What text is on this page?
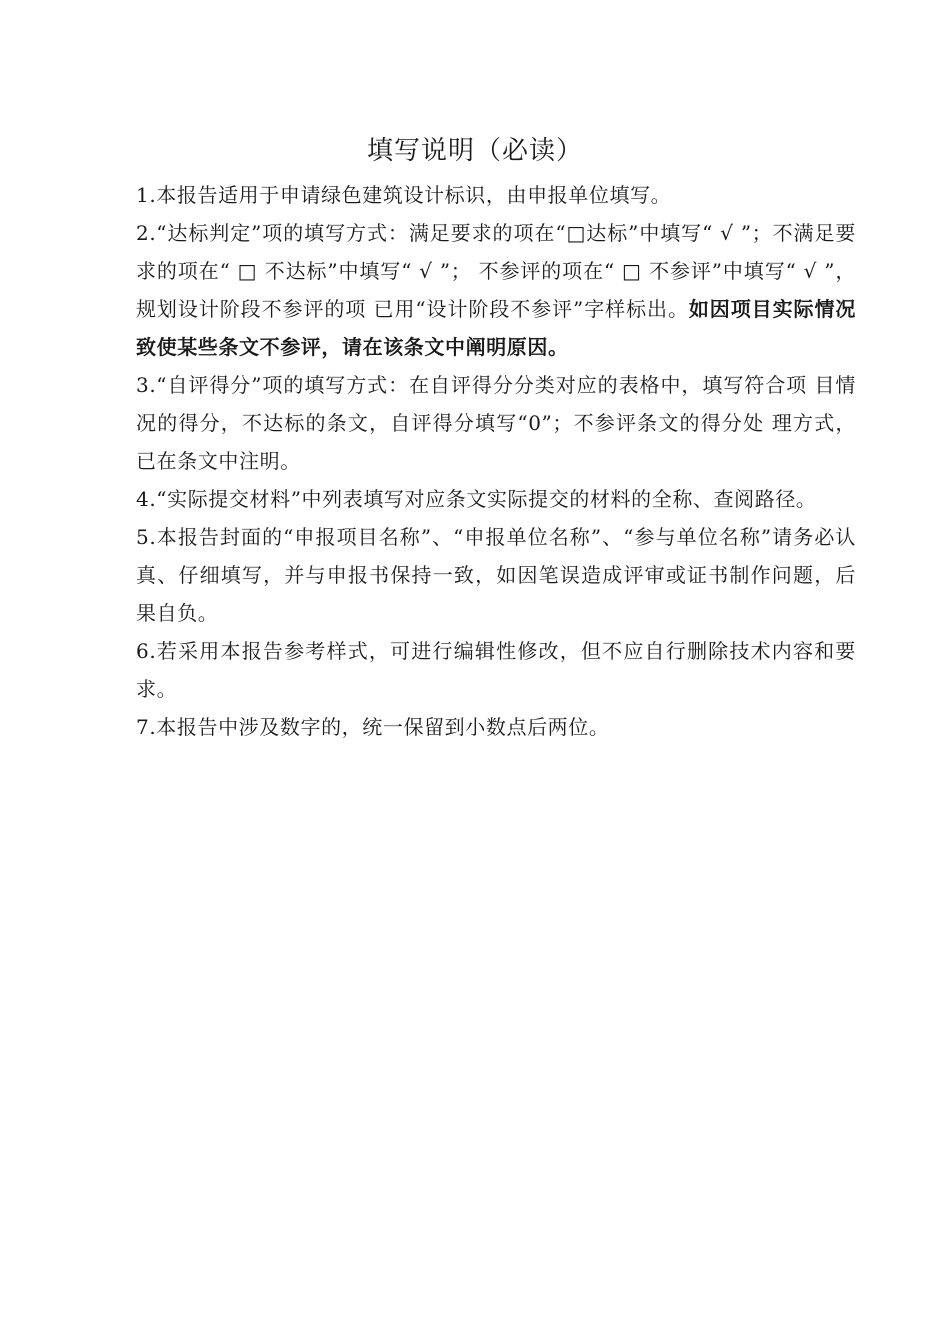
填写说明（必读）

1.本报告适用于申请绿色建筑设计标识，由申报单位填写。

2.“达标判定”项的填写方式：满足要求的项在“□达标”中填写“ √ ”；不满足要求的项在“ □ 不达标”中填写“ √ ”； 不参评的项在“ □ 不参评”中填写“ √ ”， 规划设计阶段不参评的项 已用“设计阶段不参评”字样标出。如因项目实际情况致使某些条文不参评，请在该条文中阐明原因。

3.“自评得分”项的填写方式：在自评得分分类对应的表格中，填写符合项 目情况的得分，不达标的条文，自评得分填写“0”；不参评条文的得分处 理方式，已在条文中注明。

4.“实际提交材料”中列表填写对应条文实际提交的材料的全称、查阅路径。

5.本报告封面的“申报项目名称”、“申报单位名称”、“参与单位名称”请务必认真、仔细填写，并与申报书保持一致，如因笔误造成评审或证书制作问题，后果自负。

6.若采用本报告参考样式，可进行编辑性修改，但不应自行删除技术内容和要求。

7.本报告中涉及数字的，统一保留到小数点后两位。
